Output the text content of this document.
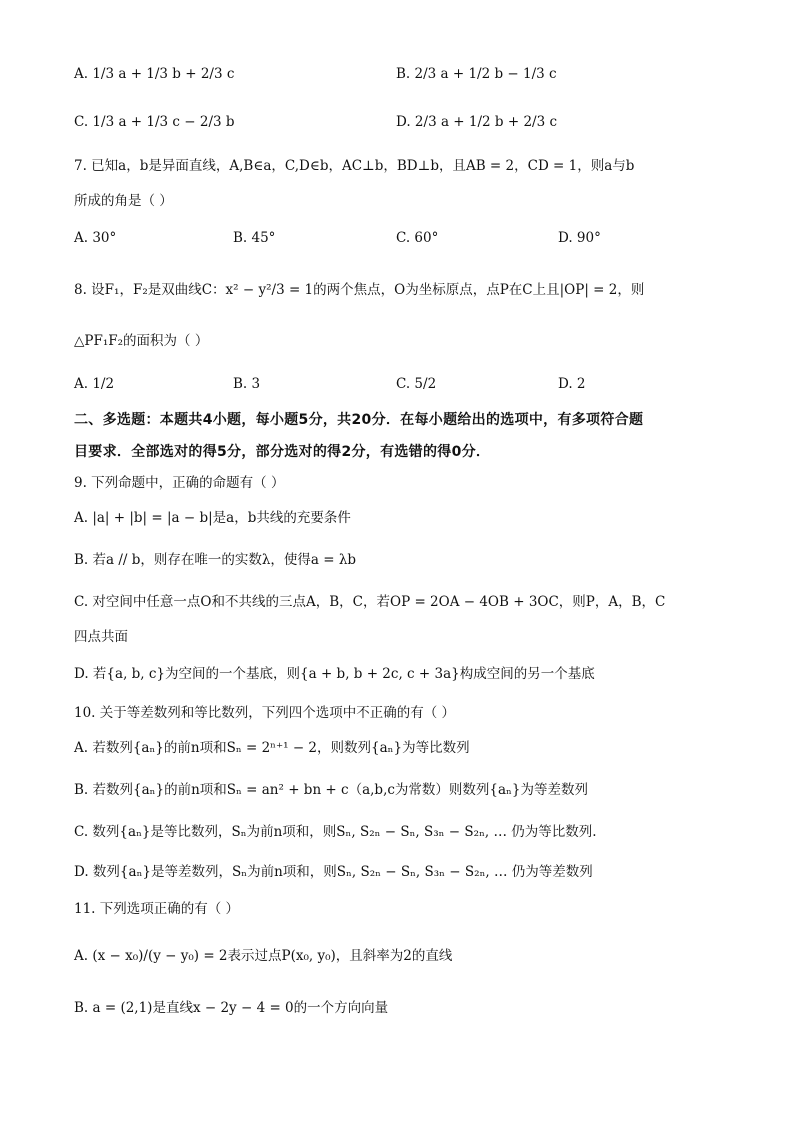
A. 1/3 a + 1/3 b + 2/3 c	B. 2/3 a + 1/2 b − 1/3 c
C. 1/3 a + 1/3 c − 2/3 b	D. 2/3 a + 1/2 b + 2/3 c
7. 已知a，b是异面直线，A,B∈a，C,D∈b，AC⊥b，BD⊥b，且AB = 2，CD = 1，则a与b
所成的角是（ ）
A. 30°	B. 45°	C. 60°	D. 90°
8. 设F₁，F₂是双曲线C：x² − y²/3 = 1的两个焦点，O为坐标原点，点P在C上且|OP| = 2，则
△PF₁F₂的面积为（ ）
A. 1/2	B. 3	C. 5/2	D. 2
二、多选题：本题共4小题，每小题5分，共20分．在每小题给出的选项中，有多项符合题
目要求．全部选对的得5分，部分选对的得2分，有选错的得0分．
9. 下列命题中，正确的命题有（ ）
A. |a| + |b| = |a − b|是a，b共线的充要条件
B. 若a // b，则存在唯一的实数λ，使得a = λb
C. 对空间中任意一点O和不共线的三点A，B，C，若OP = 2OA − 4OB + 3OC，则P，A，B，C
四点共面
D. 若{a, b, c}为空间的一个基底，则{a + b, b + 2c, c + 3a}构成空间的另一个基底
10. 关于等差数列和等比数列，下列四个选项中不正确的有（ ）
A. 若数列{aₙ}的前n项和Sₙ = 2ⁿ⁺¹ − 2，则数列{aₙ}为等比数列
B. 若数列{aₙ}的前n项和Sₙ = an² + bn + c（a,b,c为常数）则数列{aₙ}为等差数列
C. 数列{aₙ}是等比数列，Sₙ为前n项和，则Sₙ, S₂ₙ − Sₙ, S₃ₙ − S₂ₙ, … 仍为等比数列.
D. 数列{aₙ}是等差数列，Sₙ为前n项和，则Sₙ, S₂ₙ − Sₙ, S₃ₙ − S₂ₙ, … 仍为等差数列
11. 下列选项正确的有（ ）
A. (x − x₀)/(y − y₀) = 2表示过点P(x₀, y₀)，且斜率为2的直线
B. a = (2,1)是直线x − 2y − 4 = 0的一个方向向量
